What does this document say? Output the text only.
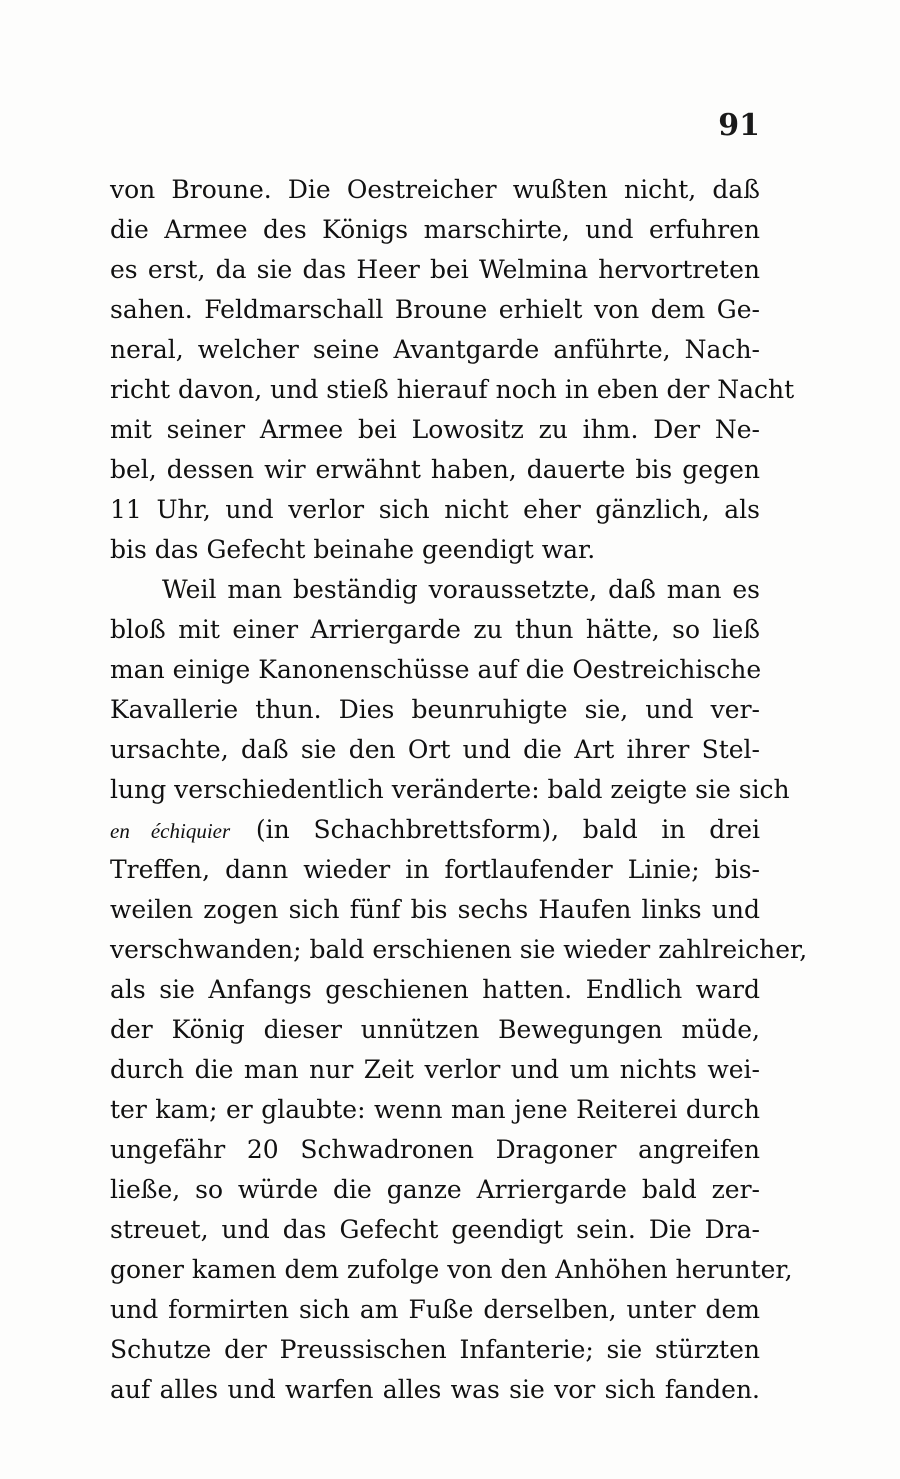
91
von Broune. Die Oestreicher wußten nicht, daß
die Armee des Königs marschirte, und erfuhren
es erst, da sie das Heer bei Welmina hervortreten
sahen. Feldmarschall Broune erhielt von dem Ge-
neral, welcher seine Avantgarde anführte, Nach-
richt davon, und stieß hierauf noch in eben der Nacht
mit seiner Armee bei Lowositz zu ihm. Der Ne-
bel, dessen wir erwähnt haben, dauerte bis gegen
11 Uhr, und verlor sich nicht eher gänzlich, als
bis das Gefecht beinahe geendigt war.
Weil man beständig voraussetzte, daß man es
bloß mit einer Arriergarde zu thun hätte, so ließ
man einige Kanonenschüsse auf die Oestreichische
Kavallerie thun. Dies beunruhigte sie, und ver-
ursachte, daß sie den Ort und die Art ihrer Stel-
lung verschiedentlich veränderte: bald zeigte sie sich
en échiquier (in Schachbrettsform), bald in drei
Treffen, dann wieder in fortlaufender Linie; bis-
weilen zogen sich fünf bis sechs Haufen links und
verschwanden; bald erschienen sie wieder zahlreicher,
als sie Anfangs geschienen hatten. Endlich ward
der König dieser unnützen Bewegungen müde,
durch die man nur Zeit verlor und um nichts wei-
ter kam; er glaubte: wenn man jene Reiterei durch
ungefähr 20 Schwadronen Dragoner angreifen
ließe, so würde die ganze Arriergarde bald zer-
streuet, und das Gefecht geendigt sein. Die Dra-
goner kamen dem zufolge von den Anhöhen herunter,
und formirten sich am Fuße derselben, unter dem
Schutze der Preussischen Infanterie; sie stürzten
auf alles und warfen alles was sie vor sich fanden.
